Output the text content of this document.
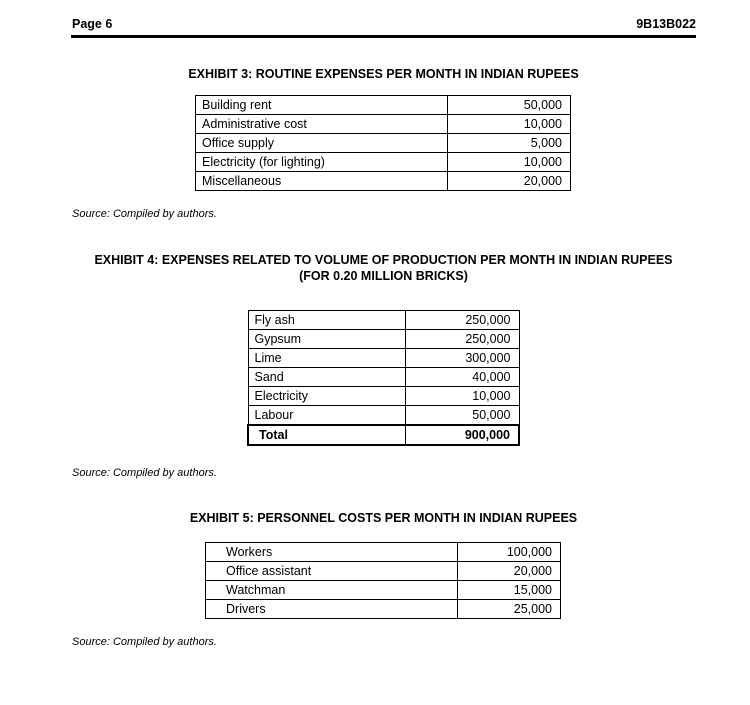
Page 6	9B13B022
EXHIBIT 3: ROUTINE EXPENSES PER MONTH IN INDIAN RUPEES
Building rent	50,000
Administrative cost	10,000
Office supply	5,000
Electricity (for lighting)	10,000
Miscellaneous	20,000
Source: Compiled by authors.
EXHIBIT 4: EXPENSES RELATED TO VOLUME OF PRODUCTION PER MONTH IN INDIAN RUPEES
(FOR 0.20 MILLION BRICKS)
Fly ash	250,000
Gypsum	250,000
Lime	300,000
Sand	40,000
Electricity	10,000
Labour	50,000
Total	900,000
Source: Compiled by authors.
EXHIBIT 5: PERSONNEL COSTS PER MONTH IN INDIAN RUPEES
Workers	100,000
Office assistant	20,000
Watchman	15,000
Drivers	25,000
Source: Compiled by authors.
